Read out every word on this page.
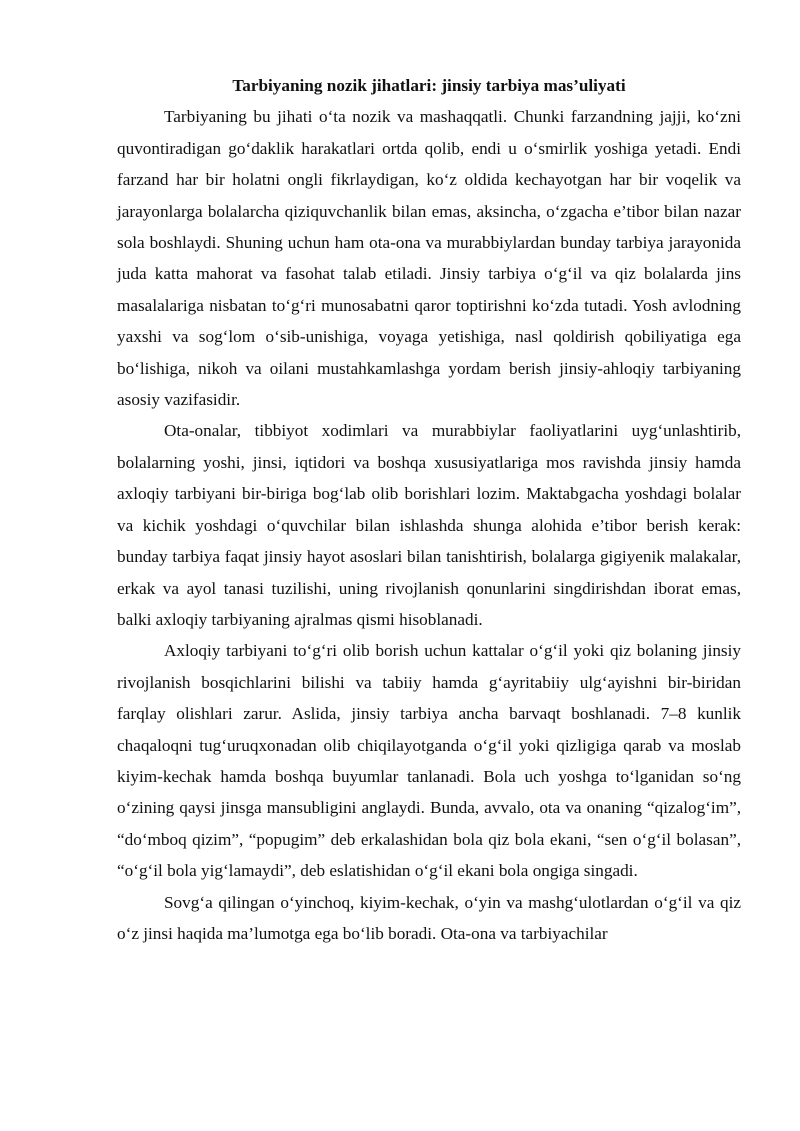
Tarbiyaning nozik jihatlari: jinsiy tarbiya mas’uliyati

Tarbiyaning bu jihati o‘ta nozik va mashaqqatli. Chunki farzandning jajji, ko‘zni quvontiradigan go‘daklik harakatlari ortda qolib, endi u o‘smirlik yoshiga yetadi. Endi farzand har bir holatni ongli fikrlaydigan, ko‘z oldida kechayotgan har bir voqelik va jarayonlarga bolalarcha qiziquvchanlik bilan emas, aksincha, o‘zgacha e’tibor bilan nazar sola boshlaydi. Shuning uchun ham ota-ona va murabbiylardan bunday tarbiya jarayonida juda katta mahorat va fasohat talab etiladi. Jinsiy tarbiya o‘g‘il va qiz bolalarda jins masalalariga nisbatan to‘g‘ri munosabatni qaror toptirishni ko‘zda tutadi. Yosh avlodning yaxshi va sog‘lom o‘sib-unishiga, voyaga yetishiga, nasl qoldirish qobiliyatiga ega bo‘lishiga, nikoh va oilani mustahkamlashga yordam berish jinsiy-ahloqiy tarbiyaning asosiy vazifasidir.

Ota-onalar, tibbiyot xodimlari va murabbiylar faoliyatlarini uyg‘unlashtirib, bolalarning yoshi, jinsi, iqtidori va boshqa xususiyatlariga mos ravishda jinsiy hamda axloqiy tarbiyani bir-biriga bog‘lab olib borishlari lozim. Maktabgacha yoshdagi bolalar va kichik yoshdagi o‘quvchilar bilan ishlashda shunga alohida e’tibor berish kerak: bunday tarbiya faqat jinsiy hayot asoslari bilan tanishtirish, bolalarga gigiyenik malakalar, erkak va ayol tanasi tuzilishi, uning rivojlanish qonunlarini singdirishdan iborat emas, balki axloqiy tarbiyaning ajralmas qismi hisoblanadi.

Axloqiy tarbiyani to‘g‘ri olib borish uchun kattalar o‘g‘il yoki qiz bolaning jinsiy rivojlanish bosqichlarini bilishi va tabiiy hamda g‘ayritabiiy ulg‘ayishni bir-biridan farqlay olishlari zarur. Aslida, jinsiy tarbiya ancha barvaqt boshlanadi. 7–8 kunlik chaqaloqni tug‘uruqxonadan olib chiqilayotganda o‘g‘il yoki qizligiga qarab va moslab kiyim-kechak hamda boshqa buyumlar tanlanadi. Bola uch yoshga to‘lganidan so‘ng o‘zining qaysi jinsga mansubligini anglaydi. Bunda, avvalo, ota va onaning “qizalog‘im”, “do‘mboq qizim”, “popugim” deb erkalashidan bola qiz bola ekani, “sen o‘g‘il bolasan”, “o‘g‘il bola yig‘lamaydi”, deb eslatishidan o‘g‘il ekani bola ongiga singadi.

Sovg‘a qilingan o‘yinchoq, kiyim-kechak, o‘yin va mashg‘ulotlardan o‘g‘il va qiz o‘z jinsi haqida ma’lumotga ega bo‘lib boradi. Ota-ona va tarbiyachilar
